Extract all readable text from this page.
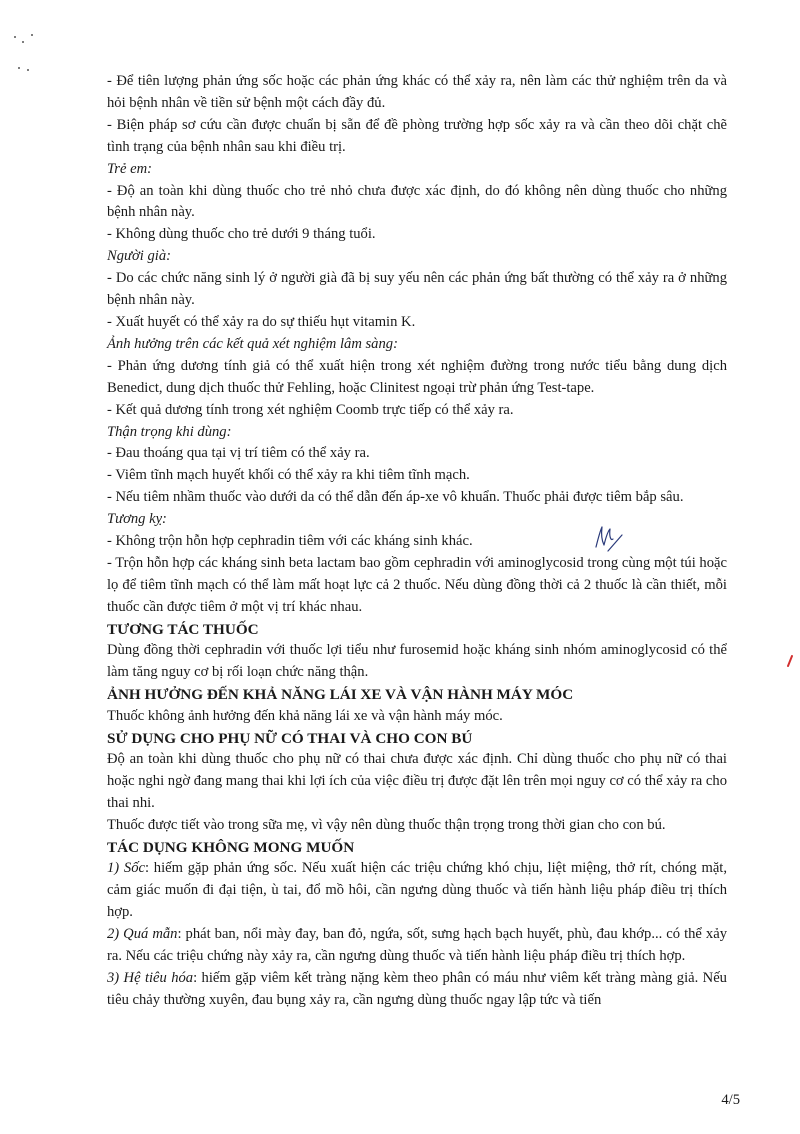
- Để tiên lượng phản ứng sốc hoặc các phản ứng khác có thể xảy ra, nên làm các thử nghiệm trên da và hỏi bệnh nhân về tiền sử bệnh một cách đầy đủ.

- Biện pháp sơ cứu cần được chuẩn bị sẵn để đề phòng trường hợp sốc xảy ra và cần theo dõi chặt chẽ tình trạng của bệnh nhân sau khi điều trị.

Trẻ em:

- Độ an toàn khi dùng thuốc cho trẻ nhỏ chưa được xác định, do đó không nên dùng thuốc cho những bệnh nhân này.

- Không dùng thuốc cho trẻ dưới 9 tháng tuổi.

Người già:

- Do các chức năng sinh lý ở người già đã bị suy yếu nên các phản ứng bất thường có thể xảy ra ở những bệnh nhân này.

- Xuất huyết có thể xảy ra do sự thiếu hụt vitamin K.

Ảnh hưởng trên các kết quả xét nghiệm lâm sàng:

- Phản ứng dương tính giả có thể xuất hiện trong xét nghiệm đường trong nước tiểu bằng dung dịch Benedict, dung dịch thuốc thử Fehling, hoặc Clinitest ngoại trừ phản ứng Test-tape.

- Kết quả dương tính trong xét nghiệm Coomb trực tiếp có thể xảy ra.

Thận trọng khi dùng:

- Đau thoáng qua tại vị trí tiêm có thể xảy ra.

- Viêm tĩnh mạch huyết khối có thể xảy ra khi tiêm tĩnh mạch.

- Nếu tiêm nhầm thuốc vào dưới da có thể dẫn đến áp-xe vô khuẩn. Thuốc phải được tiêm bắp sâu.

Tương kỵ:

- Không trộn hỗn hợp cephradin tiêm với các kháng sinh khác.

- Trộn hỗn hợp các kháng sinh beta lactam bao gồm cephradin với aminoglycosid trong cùng một túi hoặc lọ để tiêm tĩnh mạch có thể làm mất hoạt lực cả 2 thuốc. Nếu dùng đồng thời cả 2 thuốc là cần thiết, mỗi thuốc cần được tiêm ở một vị trí khác nhau.

TƯƠNG TÁC THUỐC

Dùng đồng thời cephradin với thuốc lợi tiểu như furosemid hoặc kháng sinh nhóm aminoglycosid có thể làm tăng nguy cơ bị rối loạn chức năng thận.

ẢNH HƯỞNG ĐẾN KHẢ NĂNG LÁI XE VÀ VẬN HÀNH MÁY MÓC

Thuốc không ảnh hưởng đến khả năng lái xe và vận hành máy móc.

SỬ DỤNG CHO PHỤ NỮ CÓ THAI VÀ CHO CON BÚ

Độ an toàn khi dùng thuốc cho phụ nữ có thai chưa được xác định. Chỉ dùng thuốc cho phụ nữ có thai hoặc nghi ngờ đang mang thai khi lợi ích của việc điều trị được đặt lên trên mọi nguy cơ có thể xảy ra cho thai nhi.

Thuốc được tiết vào trong sữa mẹ, vì vậy nên dùng thuốc thận trọng trong thời gian cho con bú.

TÁC DỤNG KHÔNG MONG MUỐN

1) Sốc: hiếm gặp phản ứng sốc. Nếu xuất hiện các triệu chứng khó chịu, liệt miệng, thở rít, chóng mặt, cảm giác muốn đi đại tiện, ù tai, đổ mồ hôi, cần ngưng dùng thuốc và tiến hành liệu pháp điều trị thích hợp.

2) Quá mẫn: phát ban, nổi mày đay, ban đỏ, ngứa, sốt, sưng hạch bạch huyết, phù, đau khớp... có thể xảy ra. Nếu các triệu chứng này xảy ra, cần ngưng dùng thuốc và tiến hành liệu pháp điều trị thích hợp.

3) Hệ tiêu hóa: hiếm gặp viêm kết tràng nặng kèm theo phân có máu như viêm kết tràng màng giả. Nếu tiêu chảy thường xuyên, đau bụng xảy ra, cần ngưng dùng thuốc ngay lập tức và tiến

4/5
